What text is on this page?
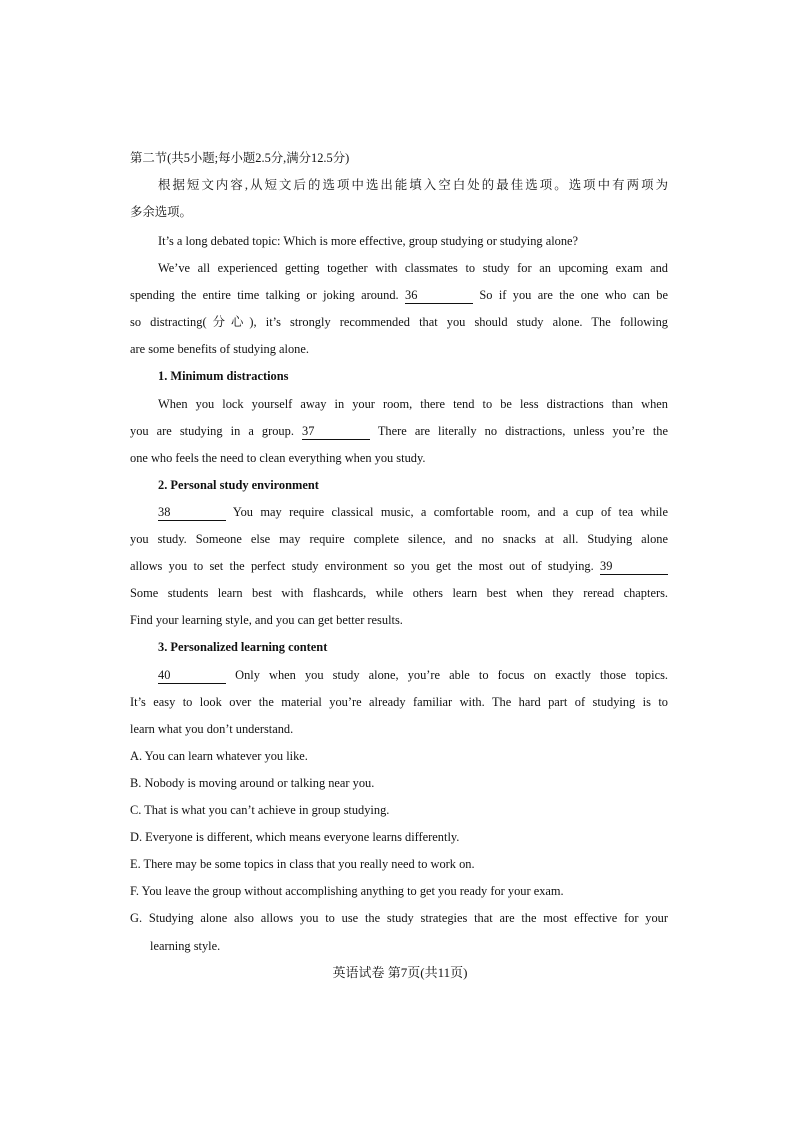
第二节(共5小题;每小题2.5分,满分12.5分)
根据短文内容,从短文后的选项中选出能填入空白处的最佳选项。选项中有两项为
多余选项。
It’s a long debated topic: Which is more effective, group studying or studying alone?
We’ve all experienced getting together with classmates to study for an upcoming exam and
spending the entire time talking or joking around. 36	So if you are the one who can be
so distracting(分心), it’s strongly recommended that you should study alone. The following
are some benefits of studying alone.
1. Minimum distractions
When you lock yourself away in your room, there tend to be less distractions than when
you are studying in a group. 37	There are literally no distractions, unless you’re the
one who feels the need to clean everything when you study.
2. Personal study environment
38	You may require classical music, a comfortable room, and a cup of tea while
you study. Someone else may require complete silence, and no snacks at all. Studying alone
allows you to set the perfect study environment so you get the most out of studying. 39
Some students learn best with flashcards, while others learn best when they reread chapters.
Find your learning style, and you can get better results.
3. Personalized learning content
40	Only when you study alone, you’re able to focus on exactly those topics.
It’s easy to look over the material you’re already familiar with. The hard part of studying is to
learn what you don’t understand.
A. You can learn whatever you like.
B. Nobody is moving around or talking near you.
C. That is what you can’t achieve in group studying.
D. Everyone is different, which means everyone learns differently.
E. There may be some topics in class that you really need to work on.
F. You leave the group without accomplishing anything to get you ready for your exam.
G. Studying alone also allows you to use the study strategies that are the most effective for your
learning style.
英语试卷 第7页(共11页)
